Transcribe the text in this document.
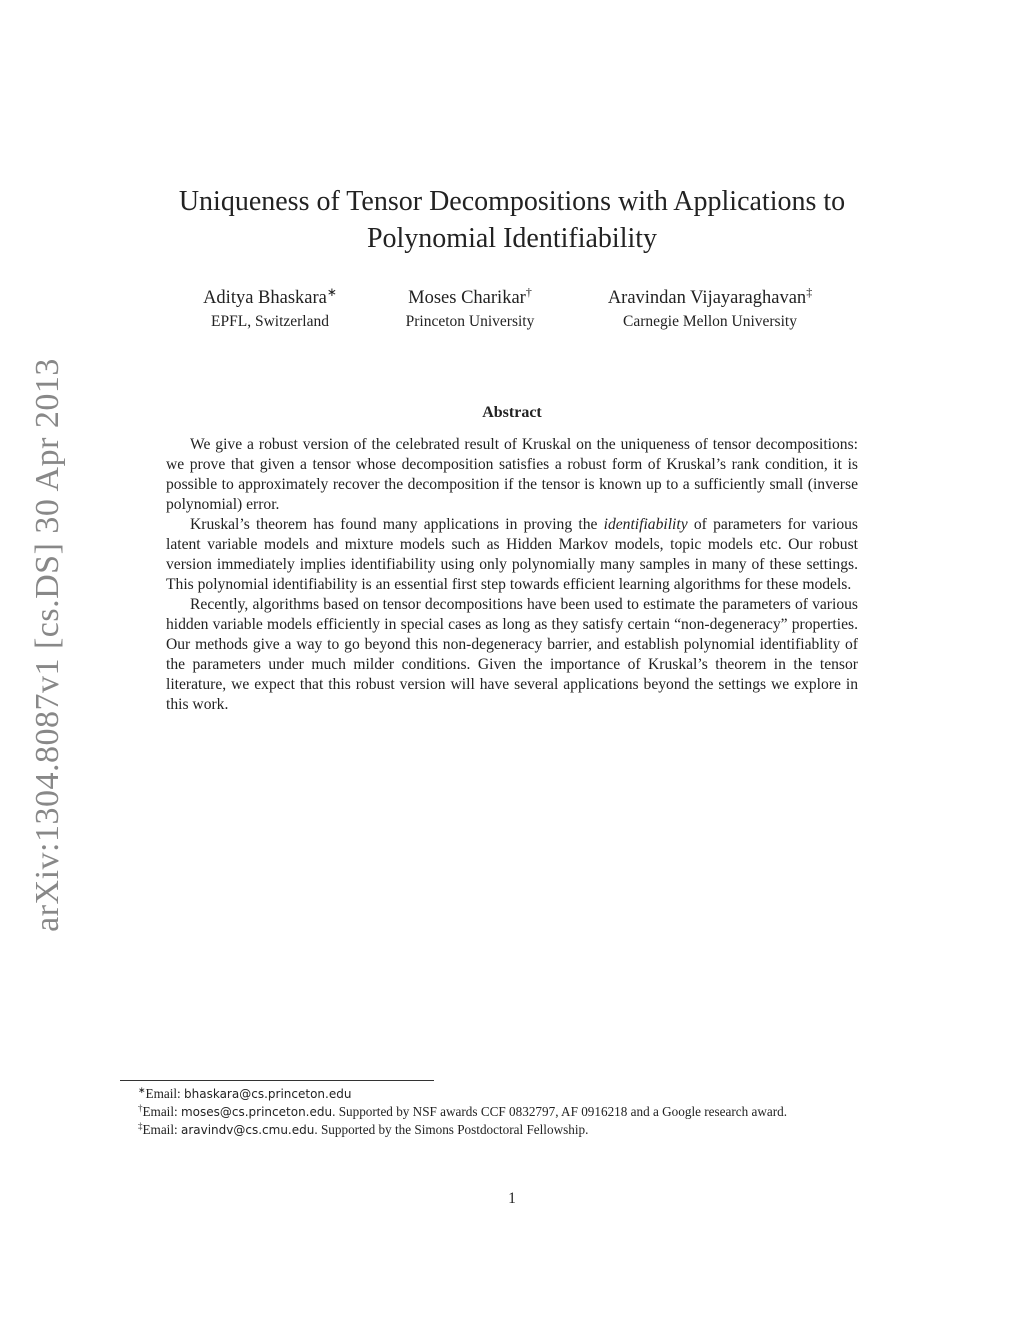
arXiv:1304.8087v1 [cs.DS] 30 Apr 2013
Uniqueness of Tensor Decompositions with Applications to
Polynomial Identifiability
Aditya Bhaskara∗
EPFL, Switzerland
Moses Charikar†
Princeton University
Aravindan Vijayaraghavan‡
Carnegie Mellon University
Abstract

We give a robust version of the celebrated result of Kruskal on the uniqueness of tensor decompositions: we prove that given a tensor whose decomposition satisfies a robust form of Kruskal’s rank condition, it is possible to approximately recover the decomposition if the tensor is known up to a sufficiently small (inverse polynomial) error.

Kruskal’s theorem has found many applications in proving the identifiability of parameters for various latent variable models and mixture models such as Hidden Markov models, topic models etc. Our robust version immediately implies identifiability using only polynomially many samples in many of these settings. This polynomial identifiability is an essential first step towards efficient learning algorithms for these models.

Recently, algorithms based on tensor decompositions have been used to estimate the parameters of various hidden variable models efficiently in special cases as long as they satisfy certain “non-degeneracy” properties. Our methods give a way to go beyond this non-degeneracy barrier, and establish polynomial identifiablity of the parameters under much milder conditions. Given the importance of Kruskal’s theorem in the tensor literature, we expect that this robust version will have several applications beyond the settings we explore in this work.

∗Email: bhaskara@cs.princeton.edu

†Email: moses@cs.princeton.edu. Supported by NSF awards CCF 0832797, AF 0916218 and a Google research award.

‡Email: aravindv@cs.cmu.edu. Supported by the Simons Postdoctoral Fellowship.

1
